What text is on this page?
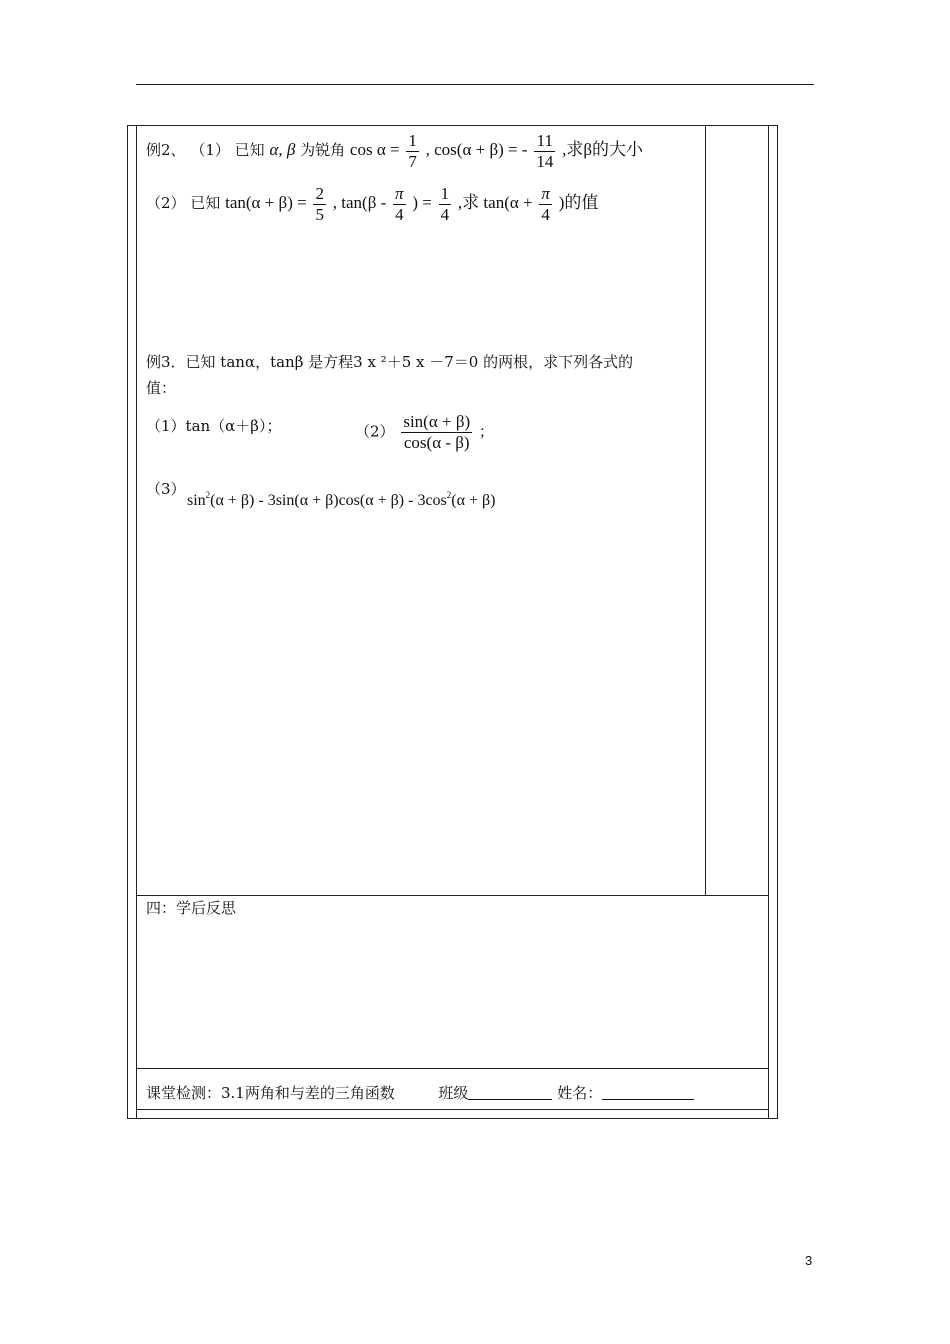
例2、 （1） 已知 α, β 为锐角 $\cos \alpha = \frac{1}{7}$ , cos(α + β) = - $\frac{11}{14}$ ,求β的大小
（2） 已知 $\tan(\alpha + \beta) = \frac{2}{5}$ , $\tan(\beta - \frac{\pi}{4}$ ) = $\frac{1}{4}$ ,求 $\tan(\alpha + \frac{\pi}{4}$ )的值
例3．已知 tanα，tanβ 是方程3 x ²＋5 x －7＝0 的两根，求下列各式的
值：
（1）tan（α＋β）；	$(2) \frac{\sin(\alpha + \beta)}{\cos(\alpha - \beta)}$ ；
（3）
$\sin^2(\alpha + \beta) - 3\sin(\alpha + \beta)\cos(\alpha + \beta) - 3\cos^2(\alpha + \beta)$
四：学后反思
课堂检测：3.1两角和与差的三角函数	班级	姓名：
3
